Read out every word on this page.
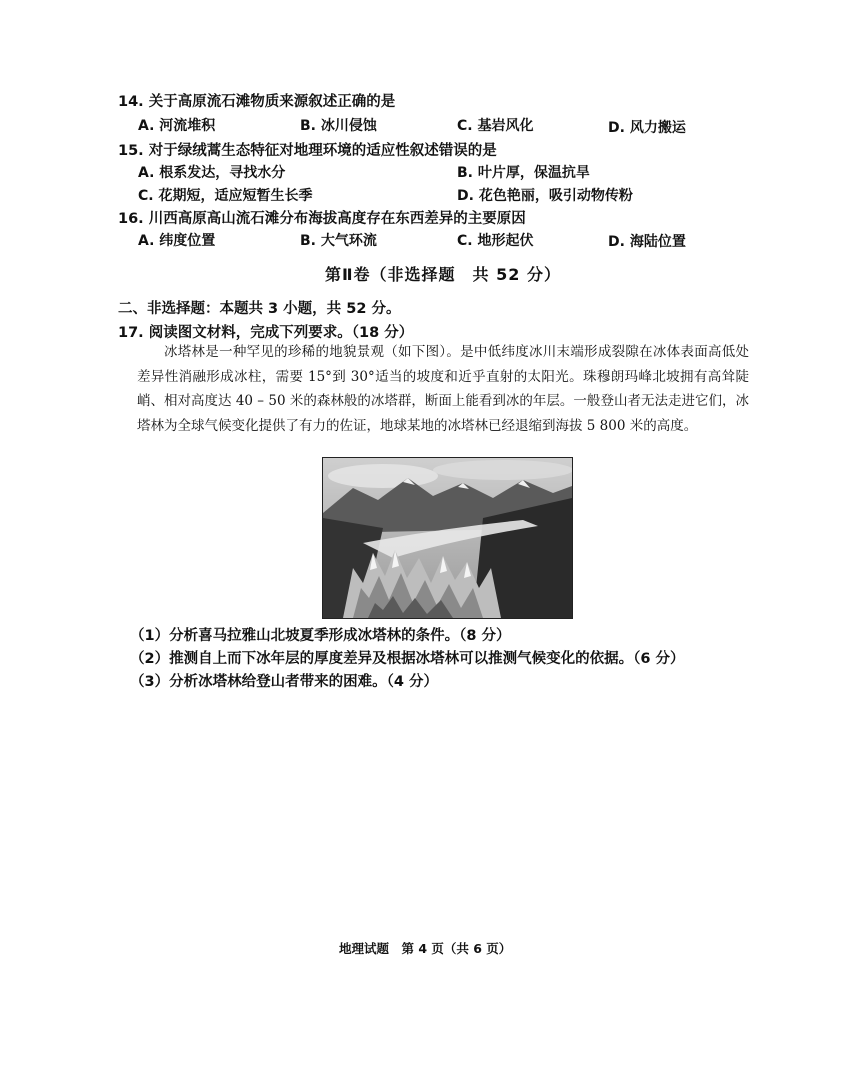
14. 关于高原流石滩物质来源叙述正确的是
A. 河流堆积	B. 冰川侵蚀	C. 基岩风化	D. 风力搬运
15. 对于绿绒蒿生态特征对地理环境的适应性叙述错误的是
A. 根系发达，寻找水分	B. 叶片厚，保温抗旱
C. 花期短，适应短暂生长季	D. 花色艳丽，吸引动物传粉
16. 川西高原高山流石滩分布海拔高度存在东西差异的主要原因
A. 纬度位置	B. 大气环流	C. 地形起伏	D. 海陆位置
第Ⅱ卷（非选择题　共 52 分）
二、非选择题：本题共 3 小题，共 52 分。
17. 阅读图文材料，完成下列要求。（18 分）
冰塔林是一种罕见的珍稀的地貌景观（如下图）。是中低纬度冰川末端形成裂隙在冰体表面高低处差异性消融形成冰柱，需要 15°到 30°适当的坡度和近乎直射的太阳光。珠穆朗玛峰北坡拥有高耸陡峭、相对高度达 40 – 50 米的森林般的冰塔群，断面上能看到冰的年层。一般登山者无法走进它们，冰塔林为全球气候变化提供了有力的佐证，地球某地的冰塔林已经退缩到海拔 5 800 米的高度。
（1）分析喜马拉雅山北坡夏季形成冰塔林的条件。（8 分）
（2）推测自上而下冰年层的厚度差异及根据冰塔林可以推测气候变化的依据。（6 分）
（3）分析冰塔林给登山者带来的困难。（4 分）
地理试题　第 4 页（共 6 页）
